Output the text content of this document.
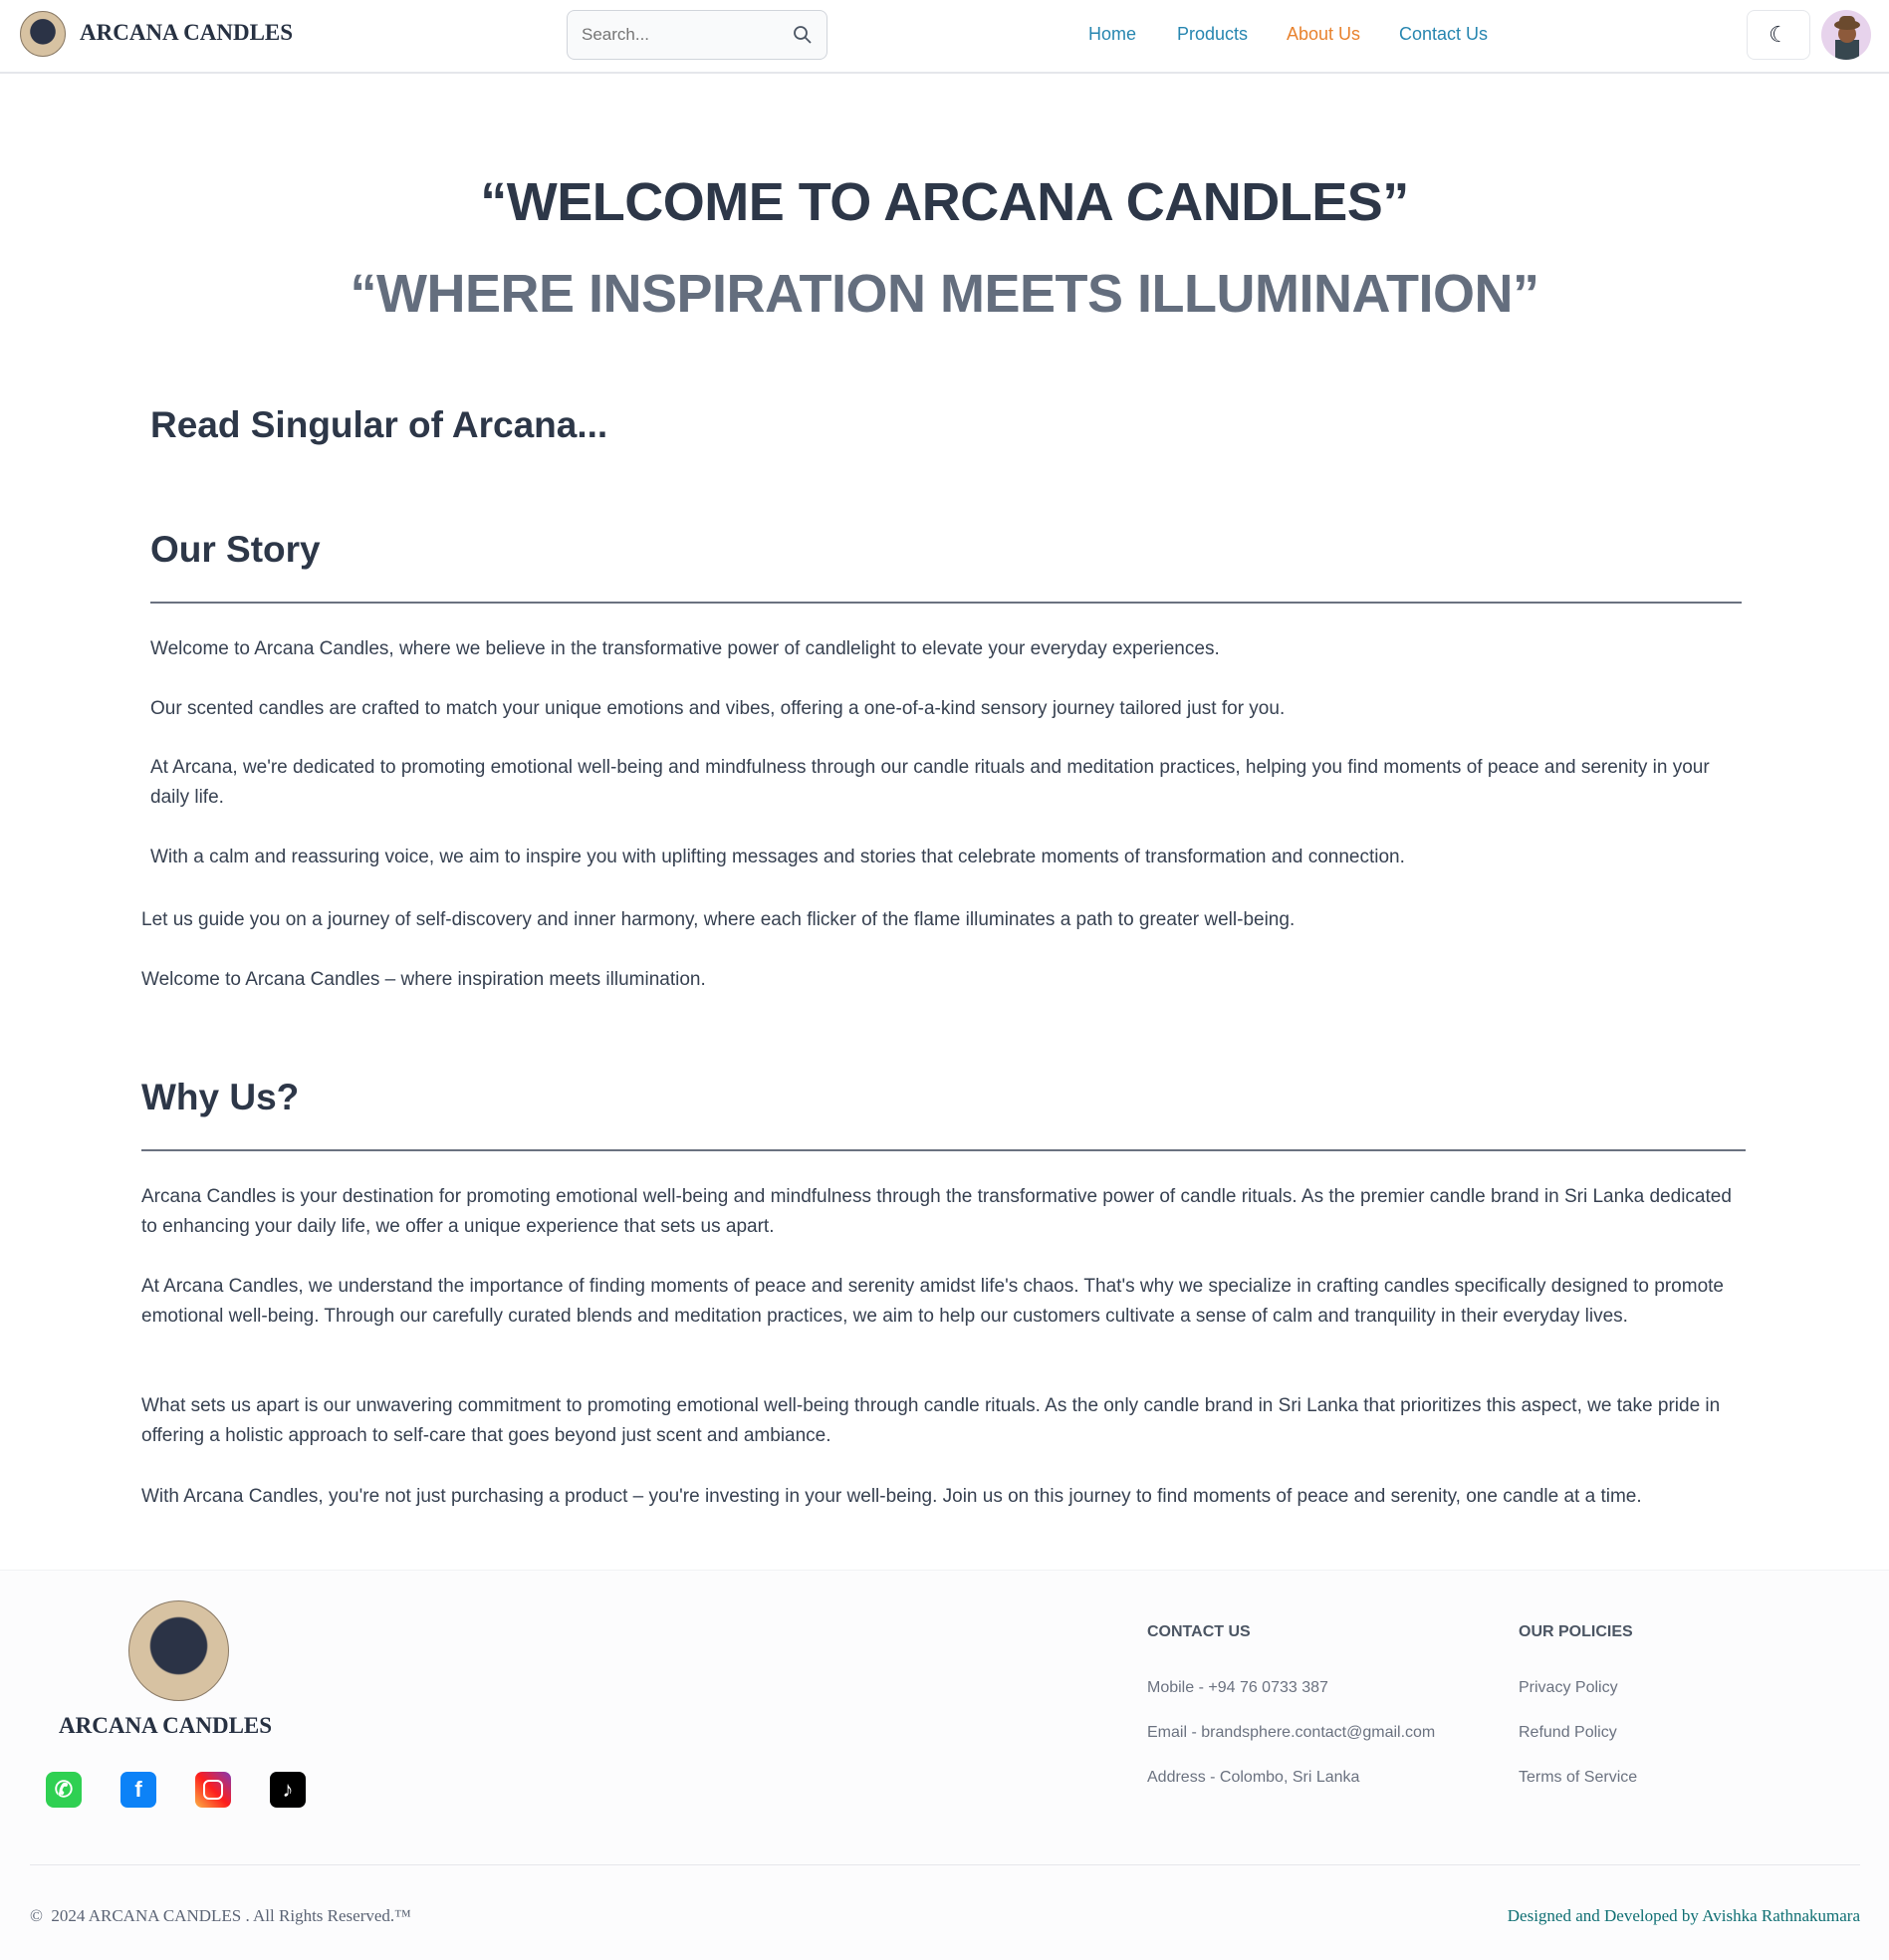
ARCANA CANDLES
Search...	Home Products About Us Contact Us	☾
“WELCOME TO ARCANA CANDLES”
“WHERE INSPIRATION MEETS ILLUMINATION”
Read Singular of Arcana...
Our Story

Welcome to Arcana Candles, where we believe in the transformative power of candlelight to elevate your everyday experiences.

Our scented candles are crafted to match your unique emotions and vibes, offering a one-of-a-kind sensory journey tailored just for you.

At Arcana, we're dedicated to promoting emotional well-being and mindfulness through our candle rituals and meditation practices, helping you find moments of peace and serenity in your daily life.

With a calm and reassuring voice, we aim to inspire you with uplifting messages and stories that celebrate moments of transformation and connection.

Let us guide you on a journey of self-discovery and inner harmony, where each flicker of the flame illuminates a path to greater well-being.

Welcome to Arcana Candles – where inspiration meets illumination.

Why Us?

Arcana Candles is your destination for promoting emotional well-being and mindfulness through the transformative power of candle rituals. As the premier candle brand in Sri Lanka dedicated to enhancing your daily life, we offer a unique experience that sets us apart.

At Arcana Candles, we understand the importance of finding moments of peace and serenity amidst life's chaos. That's why we specialize in crafting candles specifically designed to promote emotional well-being. Through our carefully curated blends and meditation practices, we aim to help our customers cultivate a sense of calm and tranquility in their everyday lives.

What sets us apart is our unwavering commitment to promoting emotional well-being through candle rituals. As the only candle brand in Sri Lanka that prioritizes this aspect, we take pride in offering a holistic approach to self-care that goes beyond just scent and ambiance.

With Arcana Candles, you're not just purchasing a product – you're investing in your well-being. Join us on this journey to find moments of peace and serenity, one candle at a time.

ARCANA CANDLES
✆	f	♪
CONTACT US
Mobile - +94 76 0733 387
Email - brandsphere.contact@gmail.com
Address - Colombo, Sri Lanka
OUR POLICIES
Privacy Policy
Refund Policy
Terms of Service
©  2024 ARCANA CANDLES . All Rights Reserved.™	Designed and Developed by Avishka Rathnakumara
